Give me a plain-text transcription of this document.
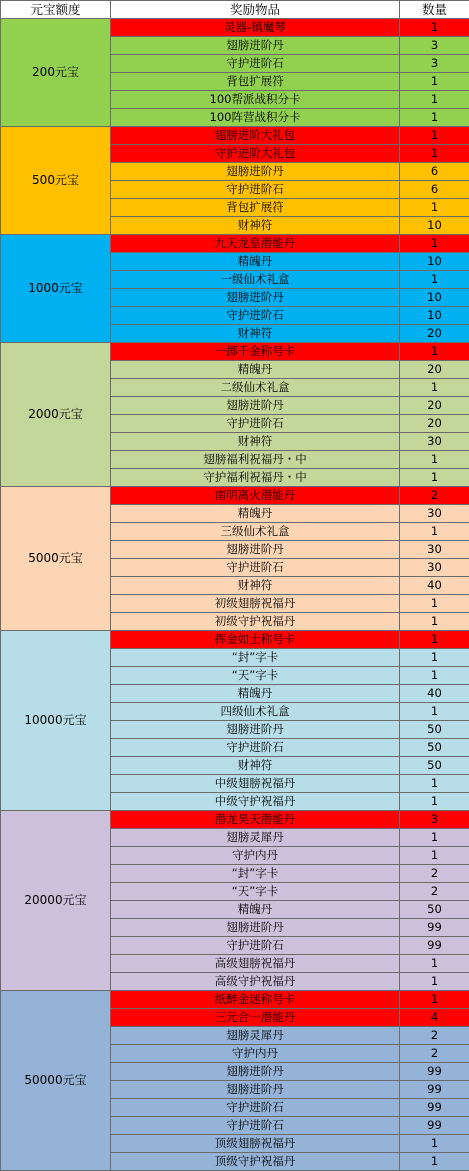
元宝额度	奖励物品	数量
200元宝	灵器-镇魔琴	1
	翅膀进阶丹	3
	守护进阶石	3
	背包扩展符	1
	100帮派战积分卡	1
	100阵营战积分卡	1
500元宝	翅膀进阶大礼包	1
	守护进阶大礼包	1
	翅膀进阶丹	6
	守护进阶石	6
	背包扩展符	1
	财神符	10
1000元宝	九天龙皇潜能丹	1
	精魄丹	10
	一级仙术礼盒	1
	翅膀进阶丹	10
	守护进阶石	10
	财神符	20
2000元宝	一掷千金称号卡	1
	精魄丹	20
	二级仙术礼盒	1
	翅膀进阶丹	20
	守护进阶石	20
	财神符	30
	翅膀福利祝福丹・中	1
	守护福利祝福丹・中	1
5000元宝	南明离火潜能丹	2
	精魄丹	30
	三级仙术礼盒	1
	翅膀进阶丹	30
	守护进阶石	30
	财神符	40
	初级翅膀祝福丹	1
	初级守护祝福丹	1
10000元宝	挥金如土称号卡	1
	“封”字卡	1
	“天”字卡	1
	精魄丹	40
	四级仙术礼盒	1
	翅膀进阶丹	50
	守护进阶石	50
	财神符	50
	中级翅膀祝福丹	1
	中级守护祝福丹	1
20000元宝	潜龙昊天潜能丹	3
	翅膀灵犀丹	1
	守护内丹	1
	“封”字卡	2
	“天”字卡	2
	精魄丹	50
	翅膀进阶丹	99
	守护进阶石	99
	高级翅膀祝福丹	1
	高级守护祝福丹	1
50000元宝	纸醉金迷称号卡	1
	三元合一潜能丹	4
	翅膀灵犀丹	2
	守护内丹	2
	翅膀进阶丹	99
	翅膀进阶丹	99
	守护进阶石	99
	守护进阶石	99
	顶级翅膀祝福丹	1
	顶级守护祝福丹	1
